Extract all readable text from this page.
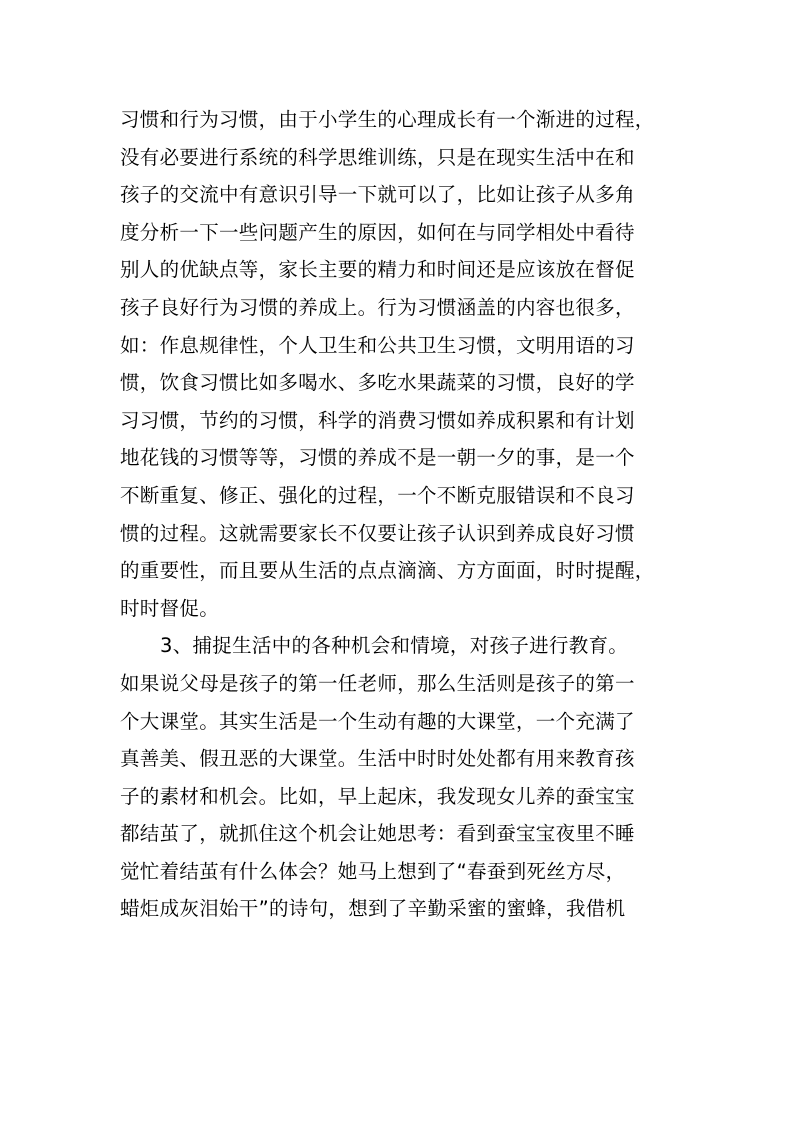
习惯和行为习惯，由于小学生的心理成长有一个渐进的过程，
没有必要进行系统的科学思维训练，只是在现实生活中在和
孩子的交流中有意识引导一下就可以了，比如让孩子从多角
度分析一下一些问题产生的原因，如何在与同学相处中看待
别人的优缺点等，家长主要的精力和时间还是应该放在督促
孩子良好行为习惯的养成上。行为习惯涵盖的内容也很多，
如：作息规律性，个人卫生和公共卫生习惯，文明用语的习
惯，饮食习惯比如多喝水、多吃水果蔬菜的习惯，良好的学
习习惯，节约的习惯，科学的消费习惯如养成积累和有计划
地花钱的习惯等等，习惯的养成不是一朝一夕的事，是一个
不断重复、修正、强化的过程，一个不断克服错误和不良习
惯的过程。这就需要家长不仅要让孩子认识到养成良好习惯
的重要性，而且要从生活的点点滴滴、方方面面，时时提醒，
时时督促。
3、捕捉生活中的各种机会和情境，对孩子进行教育。
如果说父母是孩子的第一任老师，那么生活则是孩子的第一
个大课堂。其实生活是一个生动有趣的大课堂，一个充满了
真善美、假丑恶的大课堂。生活中时时处处都有用来教育孩
子的素材和机会。比如，早上起床，我发现女儿养的蚕宝宝
都结茧了，就抓住这个机会让她思考：看到蚕宝宝夜里不睡
觉忙着结茧有什么体会？她马上想到了“春蚕到死丝方尽，
蜡炬成灰泪始干”的诗句，想到了辛勤采蜜的蜜蜂，我借机
